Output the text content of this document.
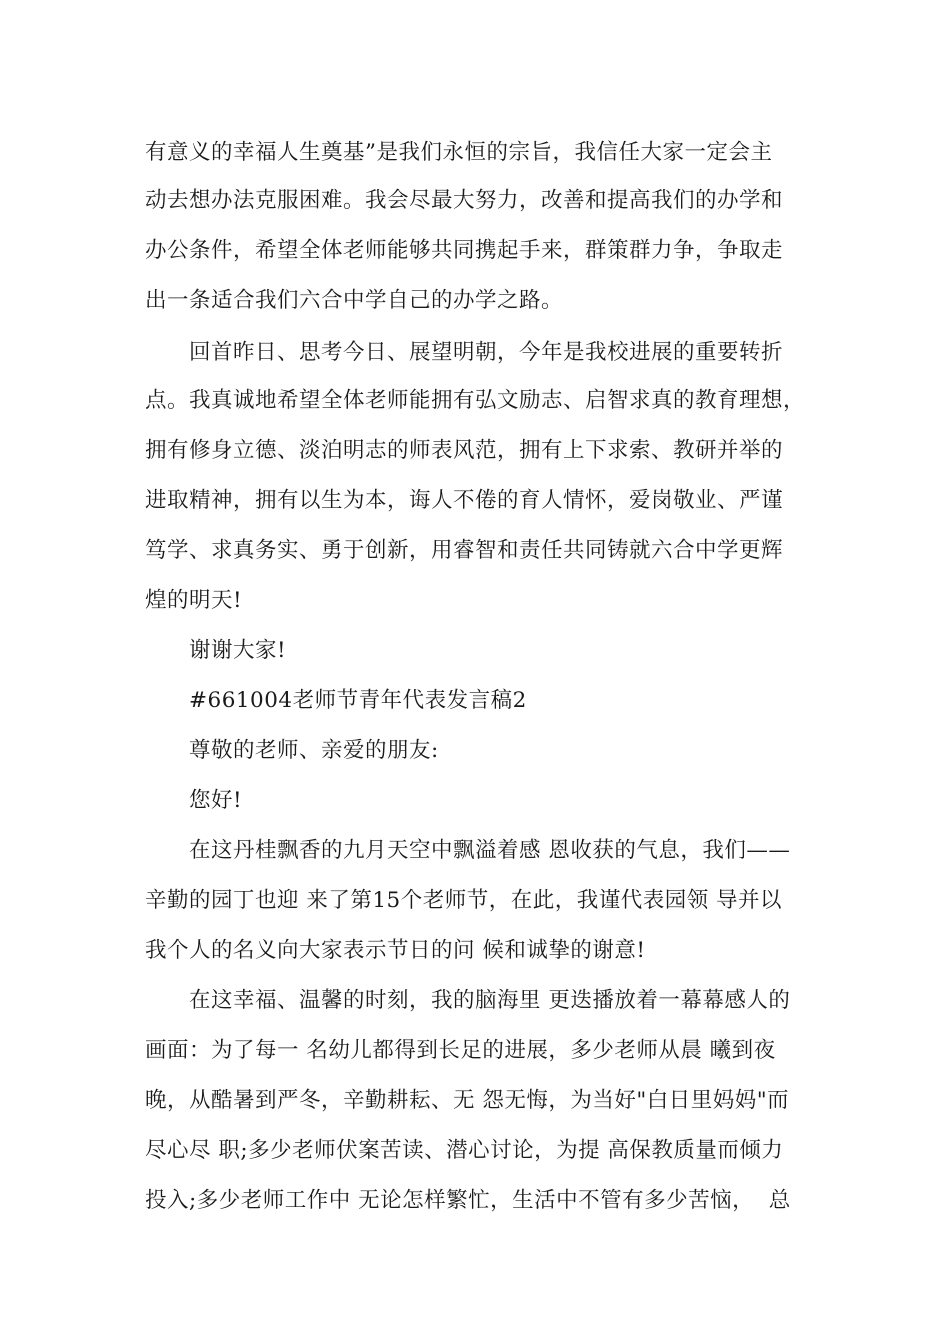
有意义的幸福人生奠基”是我们永恒的宗旨，我信任大家一定会主
动去想办法克服困难。我会尽最大努力，改善和提高我们的办学和
办公条件，希望全体老师能够共同携起手来，群策群力争，争取走
出一条适合我们六合中学自己的办学之路。
回首昨日、思考今日、展望明朝，今年是我校进展的重要转折
点。我真诚地希望全体老师能拥有弘文励志、启智求真的教育理想，
拥有修身立德、淡泊明志的师表风范，拥有上下求索、教研并举的
进取精神，拥有以生为本，诲人不倦的育人情怀，爱岗敬业、严谨
笃学、求真务实、勇于创新，用睿智和责任共同铸就六合中学更辉
煌的明天!
谢谢大家!
#661004老师节青年代表发言稿2
尊敬的老师、亲爱的朋友:
您好!
在这丹桂飘香的九月天空中飘溢着感 恩收获的气息，我们——
辛勤的园丁也迎 来了第15个老师节，在此，我谨代表园领 导并以
我个人的名义向大家表示节日的问 候和诚挚的谢意!
在这幸福、温馨的时刻，我的脑海里 更迭播放着一幕幕感人的
画面：为了每一 名幼儿都得到长足的进展，多少老师从晨 曦到夜
晚，从酷暑到严冬，辛勤耕耘、无 怨无悔，为当好"白日里妈妈"而
尽心尽 职;多少老师伏案苦读、潜心讨论，为提 高保教质量而倾力
投入;多少老师工作中 无论怎样繁忙，生活中不管有多少苦恼，  总
